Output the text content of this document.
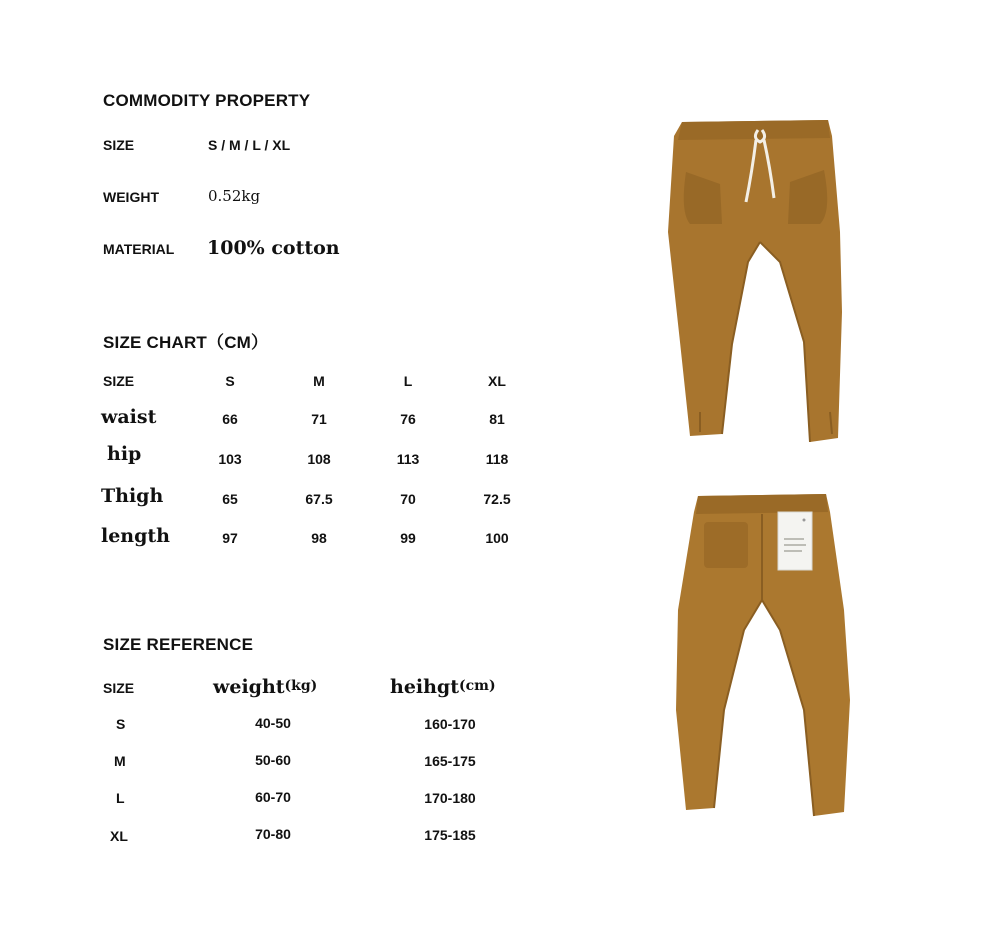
COMMODITY PROPERTY
SIZE	S / M / L / XL
WEIGHT	0.52kg
MATERIAL 100% cotton
SIZE CHART（CM）
SIZE	S	M	L	XL
waist	66	71	76	81
hip	103	108	113	118
Thigh	65	67.5	70	72.5
length	97	98	99	100
SIZE REFERENCE
SIZE	weight(kg)	heihgt(cm)
S	40-50	160-170
M	50-60	165-175
L	60-70	170-180
XL	70-80	175-185
